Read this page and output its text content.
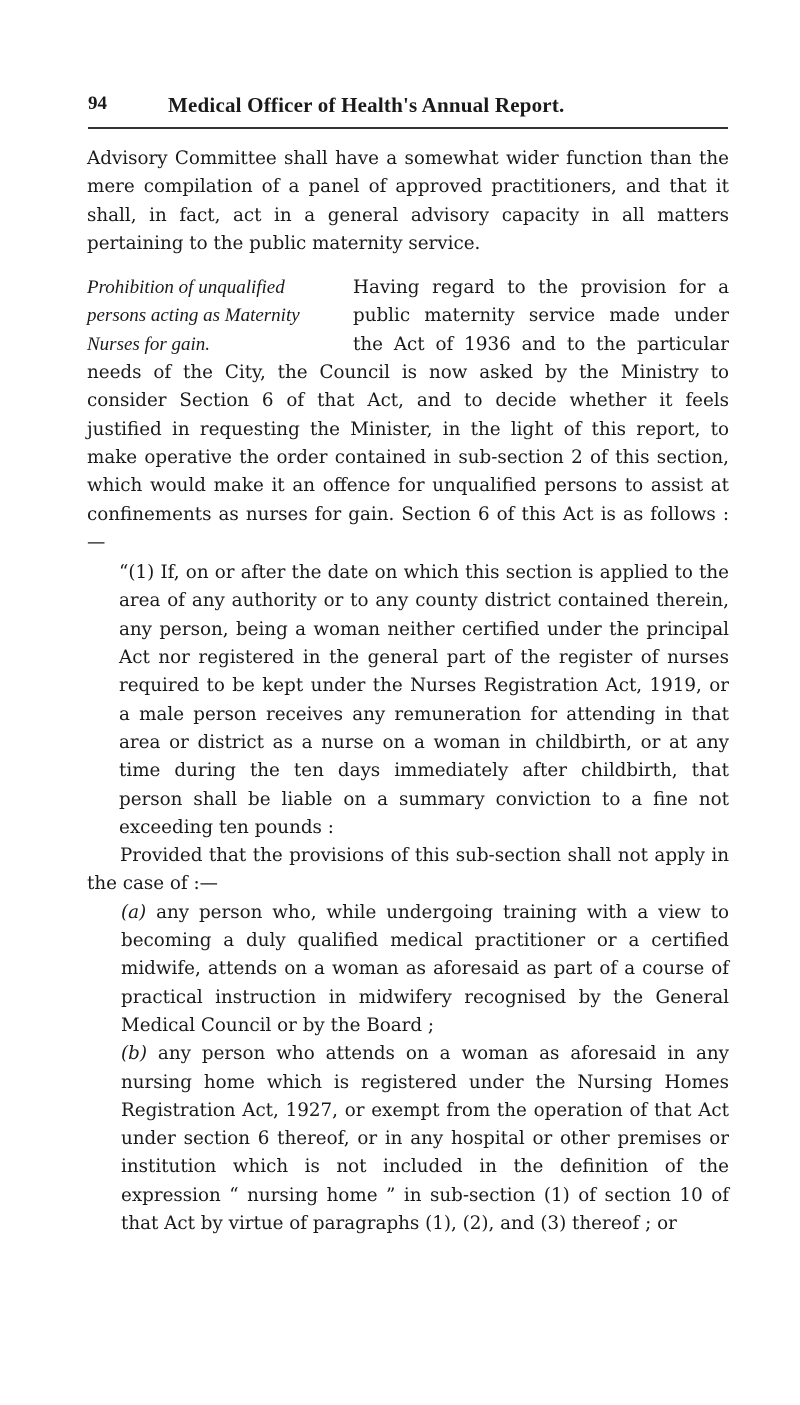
94	Medical Officer of Health's Annual Report.

Advisory Committee shall have a somewhat wider function than the mere compilation of a panel of approved practitioners, and that it shall, in fact, act in a general advisory capacity in all matters pertaining to the public maternity service.

Prohibition of unqualified
persons acting as Maternity
Nurses for gain.

Having regard to the provision for a public maternity service made under the Act of 1936 and to the particular needs of the City, the Council is now asked by the Ministry to consider Section 6 of that Act, and to decide whether it feels justified in requesting the Minister, in the light of this report, to make operative the order contained in sub-section 2 of this section, which would make it an offence for unqualified persons to assist at confinements as nurses for gain. Section 6 of this Act is as follows :—

“(1) If, on or after the date on which this section is applied to the area of any authority or to any county district contained therein, any person, being a woman neither certified under the principal Act nor registered in the general part of the register of nurses required to be kept under the Nurses Registration Act, 1919, or a male person receives any remuneration for attending in that area or district as a nurse on a woman in childbirth, or at any time during the ten days immediately after childbirth, that person shall be liable on a summary conviction to a fine not exceeding ten pounds :

Provided that the provisions of this sub-section shall not apply in the case of :—

(a) any person who, while undergoing training with a view to becoming a duly qualified medical practitioner or a certified midwife, attends on a woman as aforesaid as part of a course of practical instruction in midwifery recognised by the General Medical Council or by the Board ;

(b) any person who attends on a woman as aforesaid in any nursing home which is registered under the Nursing Homes Registration Act, 1927, or exempt from the operation of that Act under section 6 thereof, or in any hospital or other premises or institution which is not included in the definition of the expression “ nursing home ” in sub-section (1) of section 10 of that Act by virtue of paragraphs (1), (2), and (3) thereof ; or
